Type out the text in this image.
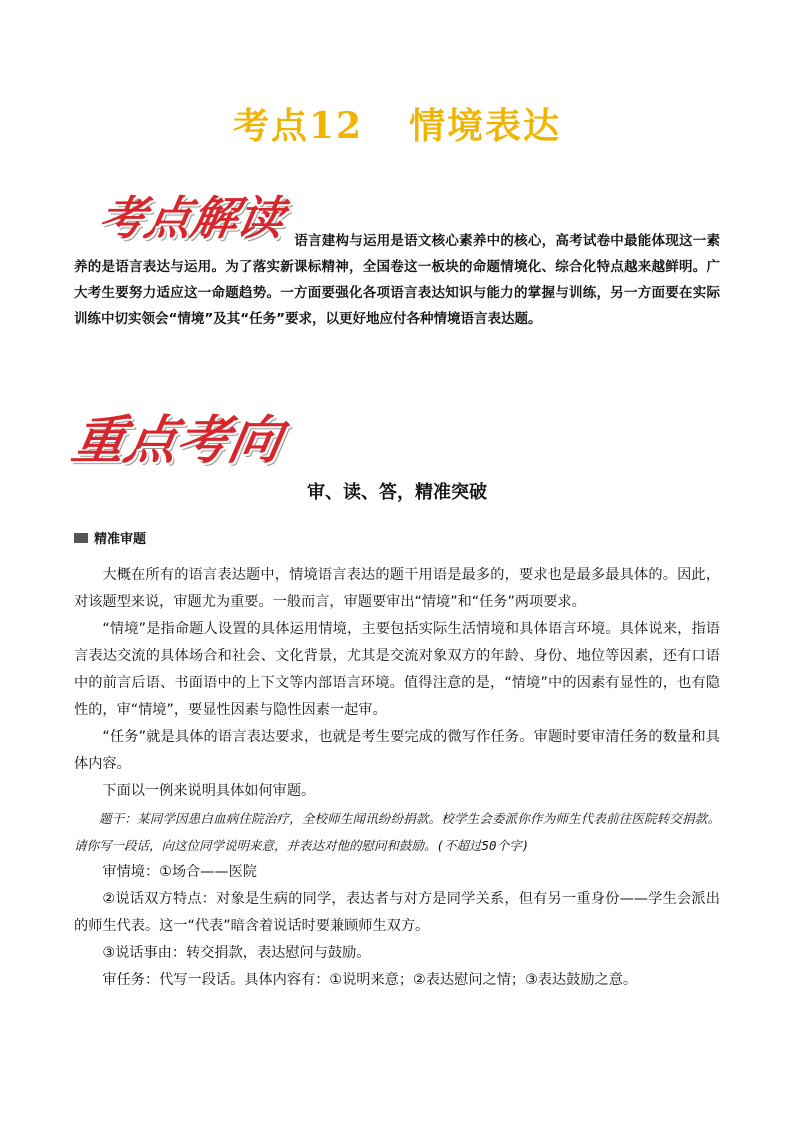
考点12 情境表达
考点解读 语言建构与运用是语文核心素养中的核心，高考试卷中最能体现这一素养的是语言表达与运用。为了落实新课标精神，全国卷这一板块的命题情境化、综合化特点越来越鲜明。广大考生要努力适应这一命题趋势。一方面要强化各项语言表达知识与能力的掌握与训练，另一方面要在实际训练中切实领会“情境”及其“任务”要求，以更好地应付各种情境语言表达题。
重点考向
审、读、答，精准突破
精准审题

大概在所有的语言表达题中，情境语言表达的题干用语是最多的，要求也是最多最具体的。因此，对该题型来说，审题尤为重要。一般而言，审题要审出“情境”和“任务”两项要求。

“情境”是指命题人设置的具体运用情境，主要包括实际生活情境和具体语言环境。具体说来，指语言表达交流的具体场合和社会、文化背景，尤其是交流对象双方的年龄、身份、地位等因素，还有口语中的前言后语、书面语中的上下文等内部语言环境。值得注意的是，“情境”中的因素有显性的，也有隐性的，审“情境”，要显性因素与隐性因素一起审。

“任务”就是具体的语言表达要求，也就是考生要完成的微写作任务。审题时要审清任务的数量和具体内容。

下面以一例来说明具体如何审题。

题干：某同学因患白血病住院治疗，全校师生闻讯纷纷捐款。校学生会委派你作为师生代表前往医院转交捐款。请你写一段话，向这位同学说明来意，并表达对他的慰问和鼓励。(不超过50个字)

审情境：①场合——医院

②说话双方特点：对象是生病的同学，表达者与对方是同学关系，但有另一重身份——学生会派出的师生代表。这一“代表”暗含着说话时要兼顾师生双方。

③说话事由：转交捐款，表达慰问与鼓励。

审任务：代写一段话。具体内容有：①说明来意；②表达慰问之情；③表达鼓励之意。
